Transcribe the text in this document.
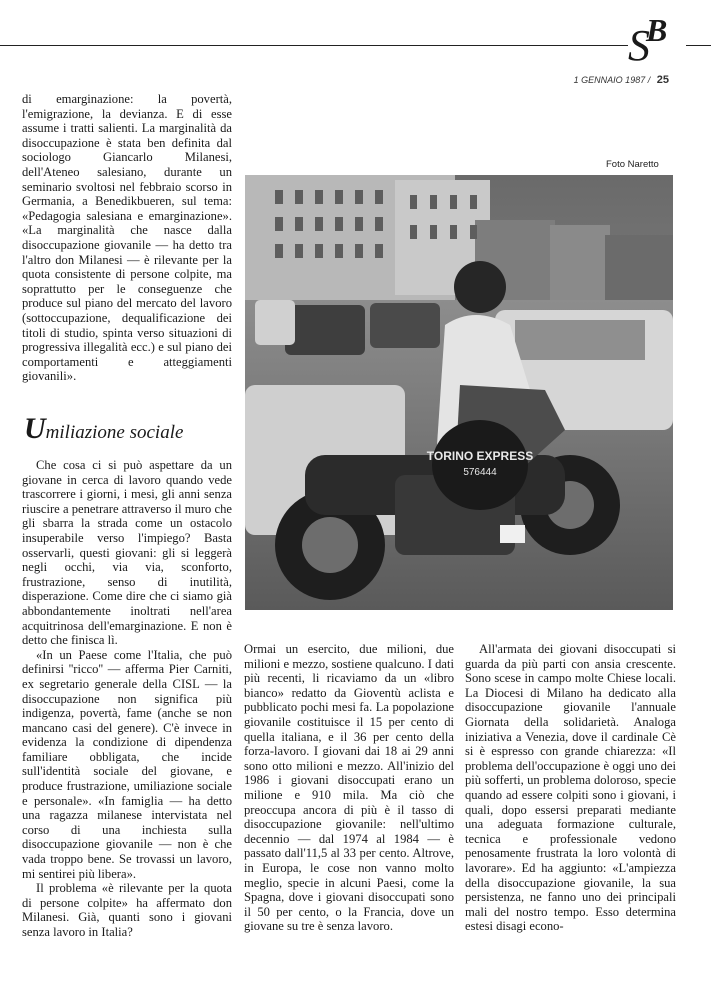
S
B
1 GENNAIO 1987 / 25
Foto Naretto

di emarginazione: la povertà, l'emigrazione, la devianza. E di esse assume i tratti salienti. La marginalità da disoccupazione è stata ben definita dal sociologo Giancarlo Milanesi, dell'Ateneo salesiano, durante un seminario svoltosi nel febbraio scorso in Germania, a Benedikbueren, sul tema: «Pedagogia salesiana e emarginazione». «La marginalità che nasce dalla disoccupazione giovanile — ha detto tra l'altro don Milanesi — è rilevante per la quota consistente di persone colpite, ma soprattutto per le conseguenze che produce sul piano del mercato del lavoro (sottoccupazione, dequalificazione dei titoli di studio, spinta verso situazioni di progressiva illegalità ecc.) e sul piano dei comportamenti e atteggiamenti giovanili».

Umiliazione sociale

Che cosa ci si può aspettare da un giovane in cerca di lavoro quando vede trascorrere i giorni, i mesi, gli anni senza riuscire a penetrare attraverso il muro che gli sbarra la strada come un ostacolo insuperabile verso l'impiego? Basta osservarli, questi giovani: gli si leggerà negli occhi, via via, sconforto, frustrazione, senso di inutilità, disperazione. Come dire che ci siamo già abbondantemente inoltrati nell'area acquitrinosa dell'emarginazione. E non è detto che finisca lì.

«In un Paese come l'Italia, che può definirsi ''ricco'' — afferma Pier Carniti, ex segretario generale della CISL — la disoccupazione non significa più indigenza, povertà, fame (anche se non mancano casi del genere). C'è invece in evidenza la condizione di dipendenza familiare obbligata, che incide sull'identità sociale del giovane, e produce frustrazione, umiliazione sociale e personale». «In famiglia — ha detto una ragazza milanese intervistata nel corso di una inchiesta sulla disoccupazione giovanile — non è che vada troppo bene. Se trovassi un lavoro, mi sentirei più libera».

Il problema «è rilevante per la quota di persone colpite» ha affermato don Milanesi. Già, quanti sono i giovani senza lavoro in Italia?

TORINO EXPRESS
576444

Ormai un esercito, due milioni, due milioni e mezzo, sostiene qualcuno. I dati più recenti, li ricaviamo da un «libro bianco» redatto da Gioventù aclista e pubblicato pochi mesi fa. La popolazione giovanile costituisce il 15 per cento di quella italiana, e il 36 per cento della forza-lavoro. I giovani dai 18 ai 29 anni sono otto milioni e mezzo. All'inizio del 1986 i giovani disoccupati erano un milione e 910 mila. Ma ciò che preoccupa ancora di più è il tasso di disoccupazione giovanile: nell'ultimo decennio — dal 1974 al 1984 — è passato dall'11,5 al 33 per cento. Altrove, in Europa, le cose non vanno molto meglio, specie in alcuni Paesi, come la Spagna, dove i giovani disoccupati sono il 50 per cento, o la Francia, dove un giovane su tre è senza lavoro.

All'armata dei giovani disoccupati si guarda da più parti con ansia crescente. Sono scese in campo molte Chiese locali. La Diocesi di Milano ha dedicato alla disoccupazione giovanile l'annuale Giornata della solidarietà. Analoga iniziativa a Venezia, dove il cardinale Cè si è espresso con grande chiarezza: «Il problema dell'occupazione è oggi uno dei più sofferti, un problema doloroso, specie quando ad essere colpiti sono i giovani, i quali, dopo essersi preparati mediante una adeguata formazione culturale, tecnica e professionale vedono penosamente frustrata la loro volontà di lavorare». Ed ha aggiunto: «L'ampiezza della disoccupazione giovanile, la sua persistenza, ne fanno uno dei principali mali del nostro tempo. Esso determina estesi disagi econo-
